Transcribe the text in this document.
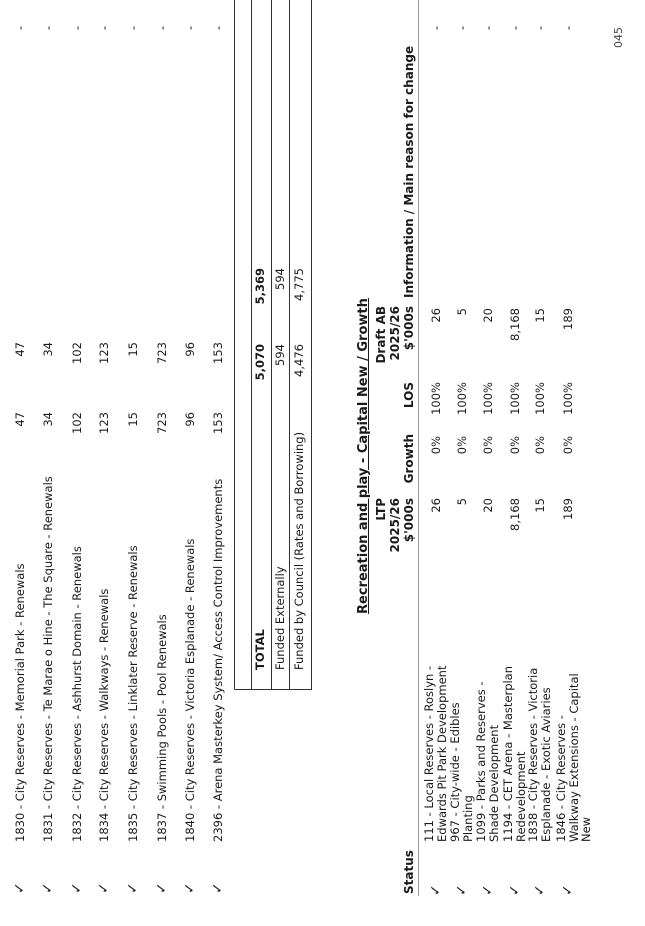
✓
1830 - City Reserves - Memorial Park - Renewals
47
47
-
✓
1831 - City Reserves - Te Marae o Hine - The Square - Renewals
34
34
-
✓
1832 - City Reserves - Ashhurst Domain - Renewals
102
102
-
✓
1834 - City Reserves - Walkways - Renewals
123
123
-
✓
1835 - City Reserves - Linklater Reserve - Renewals
15
15
-
✓
1837 - Swimming Pools - Pool Renewals
723
723
-
✓
1840 - City Reserves - Victoria Esplanade - Renewals
96
96
-
✓
2396 - Arena Masterkey System/ Access Control Improvements
153
153
-
TOTAL
5,070
5,369
Funded Externally
594
594
Funded by Council (Rates and Borrowing)
4,476
4,775
Recreation and play - Capital New / Growth
Status
LTP 2025/26 $'000s
Growth
LOS
Draft AB 2025/26 $'000s
Information / Main reason for change
✓
111 - Local Reserves - Roslyn - Edwards Pit Park Development
26
0%
100%
26
-
✓
967 - City-wide - Edibles Planting
5
0%
100%
5
-
✓
1099 - Parks and Reserves - Shade Development
20
0%
100%
20
-
✓
1194 - CET Arena - Masterplan Redevelopment
8,168
0%
100%
8,168
-
✓
1838 - City Reserves - Victoria Esplanade - Exotic Aviaries
15
0%
100%
15
-
✓
1846 - City Reserves - Walkway Extensions - Capital New
189
0%
100%
189
-	045
